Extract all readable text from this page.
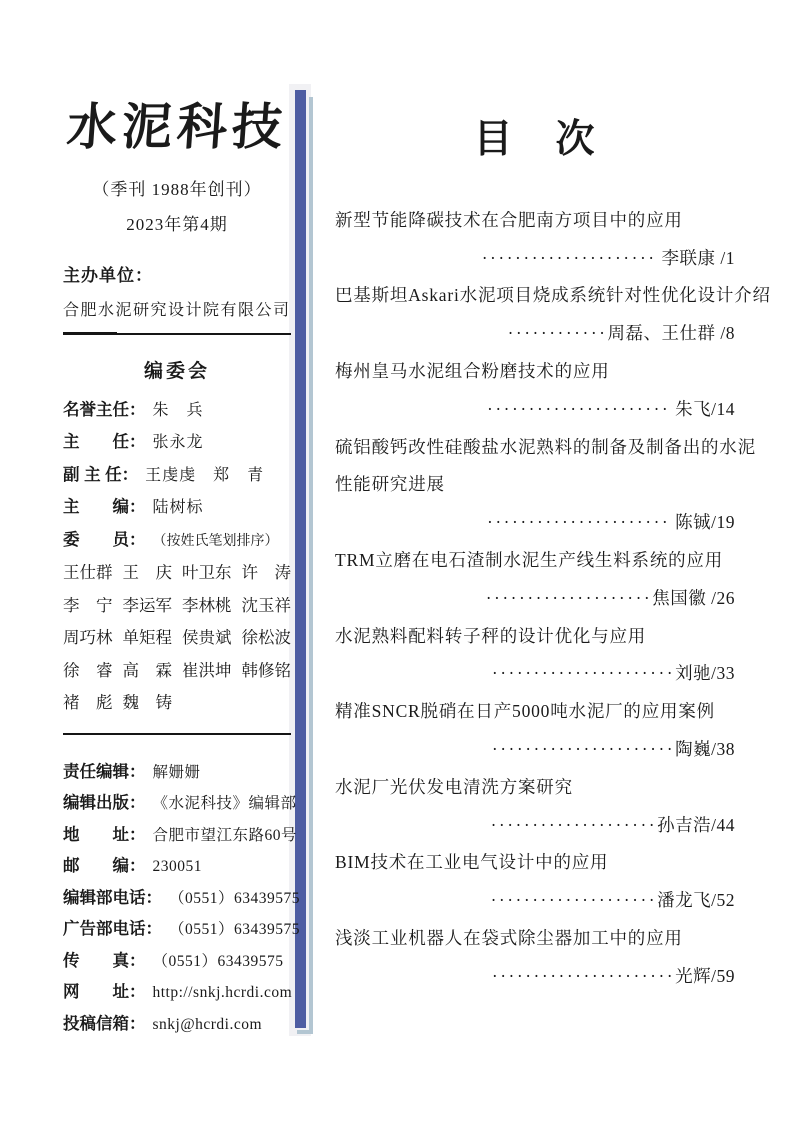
水泥科技
（季刊 1988年创刊）
2023年第4期
主办单位：
合肥水泥研究设计院有限公司
编委会
名誉主任： 朱　兵
主　　任： 张永龙
副 主 任： 王虔虔　郑　青
主　　编： 陆树标
委　　员： （按姓氏笔划排序）
王仕群 王　庆 叶卫东 许　涛
李　宁 李运军 李林桃 沈玉祥
周巧林 单矩程 侯贵斌 徐松波
徐　睿 高　霖 崔洪坤 韩修铭
褚　彪 魏　铸
责任编辑： 解姗姗
编辑出版： 《水泥科技》编辑部
地　　址： 合肥市望江东路60号
邮　　编： 230051
编辑部电话： （0551）63439575
广告部电话： （0551）63439575
传　　真： （0551）63439575
网　　址： http://snkj.hcrdi.com
投稿信箱： snkj@hcrdi.com
目　次
新型节能降碳技术在合肥南方项目中的应用
····················· 李联康 /1
巴基斯坦Askari水泥项目烧成系统针对性优化设计介绍
············周磊、王仕群 /8
梅州皇马水泥组合粉磨技术的应用
······················ 朱飞/14
硫铝酸钙改性硅酸盐水泥熟料的制备及制备出的水泥
性能研究进展
······················ 陈铖/19
TRM立磨在电石渣制水泥生产线生料系统的应用
····················焦国徽 /26
水泥熟料配料转子秤的设计优化与应用
······················刘驰/33
精准SNCR脱硝在日产5000吨水泥厂的应用案例
······················陶巍/38
水泥厂光伏发电清洗方案研究
····················孙吉浩/44
BIM技术在工业电气设计中的应用
····················潘龙飞/52
浅淡工业机器人在袋式除尘器加工中的应用
······················光辉/59
